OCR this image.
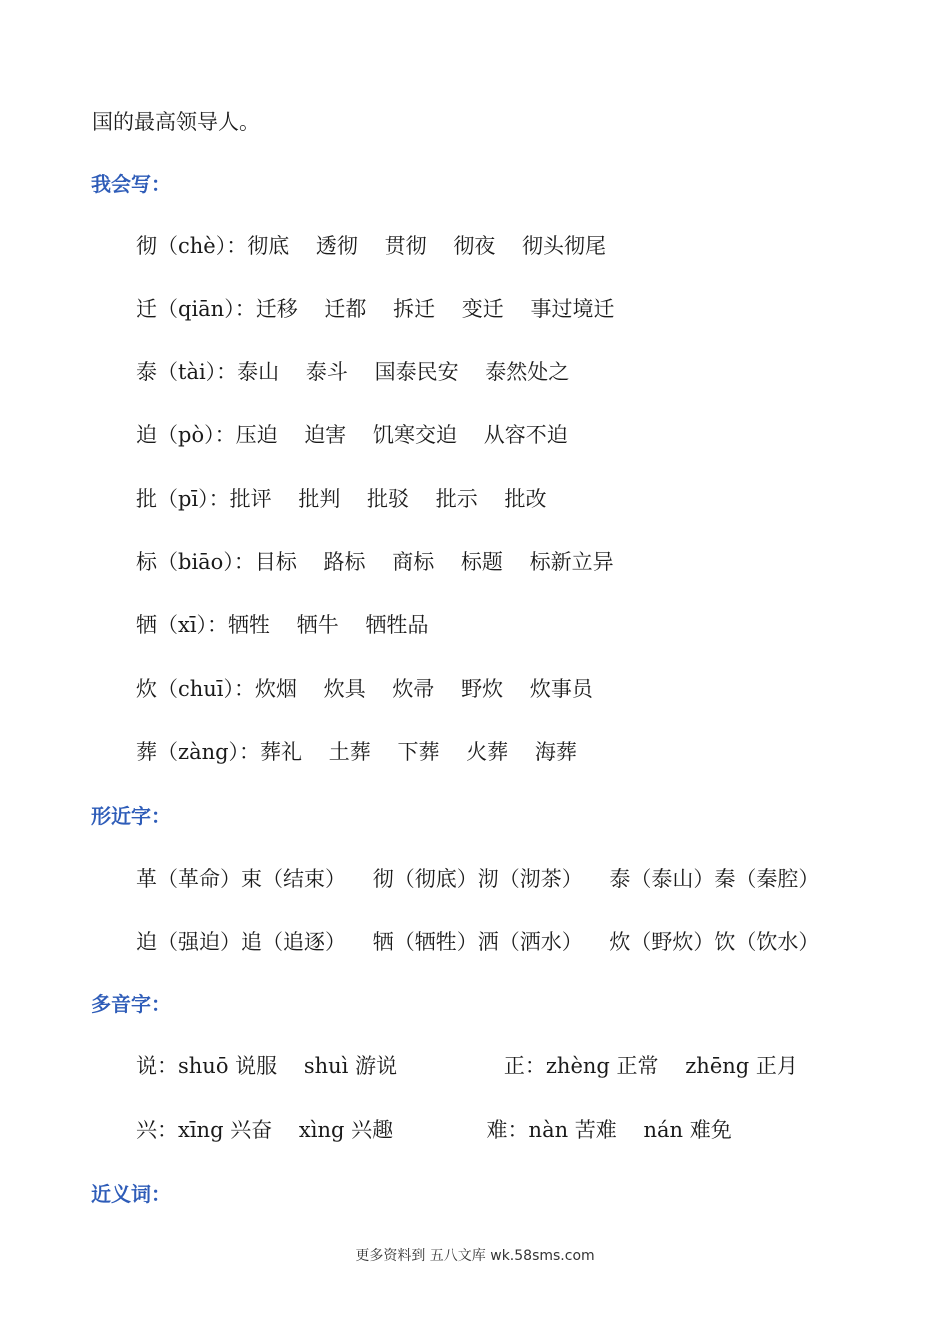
国的最高领导人。
我会写：
彻（chè）：彻底    透彻    贯彻    彻夜    彻头彻尾
迁（qiān）：迁移    迁都    拆迁    变迁    事过境迁
泰（tài）：泰山    泰斗    国泰民安    泰然处之
迫（pò）：压迫    迫害    饥寒交迫    从容不迫
批（pī）：批评    批判    批驳    批示    批改
标（biāo）：目标    路标    商标    标题    标新立异
牺（xī）：牺牲    牺牛    牺牲品
炊（chuī）：炊烟    炊具    炊帚    野炊    炊事员
葬（zàng）：葬礼    土葬    下葬    火葬    海葬
形近字：
革（革命）束（结束）    彻（彻底）沏（沏茶）    泰（泰山）秦（秦腔）
迫（强迫）追（追逐）    牺（牺牲）洒（洒水）    炊（野炊）饮（饮水）
多音字：
说：shuō 说服    shuì 游说                正：zhèng 正常    zhēng 正月
兴：xīng 兴奋    xìng 兴趣              难：nàn 苦难    nán 难免
近义词：
更多资料到 五八文库 wk.58sms.com
